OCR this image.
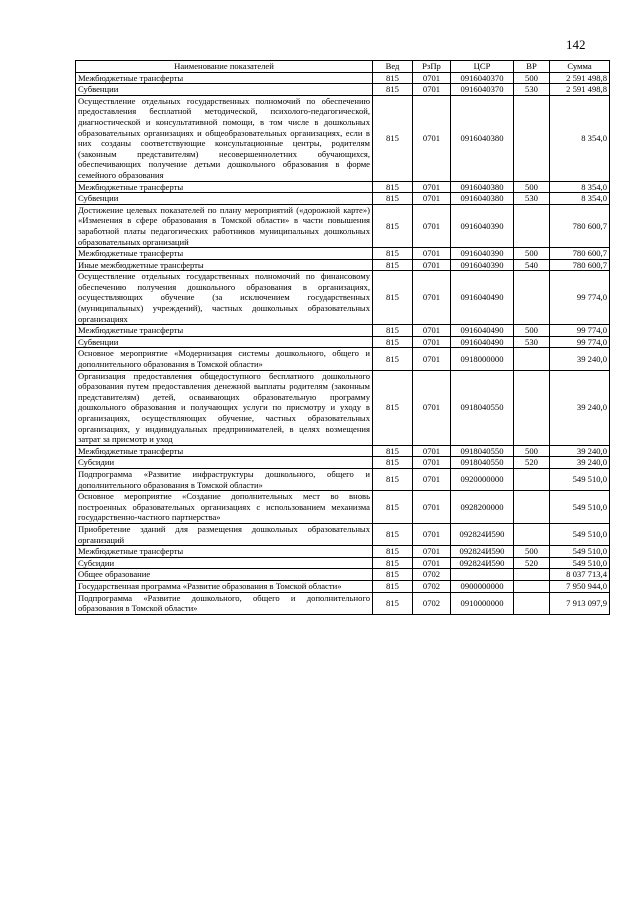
142
Наименование показателей	Вед	РзПр	ЦСР	ВР	Сумма
Межбюджетные трансферты	815	0701	0916040370	500	2 591 498,8
Субвенции	815	0701	0916040370	530	2 591 498,8
Осуществление отдельных государственных полномочий по обеспечению предоставления бесплатной методической, психолого-педагогической, диагностической и консультативной помощи, в том числе в дошкольных образовательных организациях и общеобразовательных организациях, если в них созданы соответствующие консультационные центры, родителям (законным представителям) несовершеннолетних обучающихся, обеспечивающих получение детьми дошкольного образования в форме семейного образования	815	0701	0916040380		8 354,0
Межбюджетные трансферты	815	0701	0916040380	500	8 354,0
Субвенции	815	0701	0916040380	530	8 354,0
Достижение целевых показателей по плану мероприятий («дорожной карте») «Изменения в сфере образования в Томской области» в части повышения заработной платы педагогических работников муниципальных дошкольных образовательных организаций	815	0701	0916040390		780 600,7
Межбюджетные трансферты	815	0701	0916040390	500	780 600,7
Иные межбюджетные трансферты	815	0701	0916040390	540	780 600,7
Осуществление отдельных государственных полномочий по финансовому обеспечению получения дошкольного образования в организациях, осуществляющих обучение (за исключением государственных (муниципальных) учреждений), частных дошкольных образовательных организациях	815	0701	0916040490		99 774,0
Межбюджетные трансферты	815	0701	0916040490	500	99 774,0
Субвенции	815	0701	0916040490	530	99 774,0
Основное мероприятие «Модернизация системы дошкольного, общего и дополнительного образования в Томской области»	815	0701	0918000000		39 240,0
Организация предоставления общедоступного бесплатного дошкольного образования путем предоставления денежной выплаты родителям (законным представителям) детей, осваивающих образовательную программу дошкольного образования и получающих услуги по присмотру и уходу в организациях, осуществляющих обучение, частных образовательных организациях, у индивидуальных предпринимателей, в целях возмещения затрат за присмотр и уход	815	0701	0918040550		39 240,0
Межбюджетные трансферты	815	0701	0918040550	500	39 240,0
Субсидии	815	0701	0918040550	520	39 240,0
Подпрограмма «Развитие инфраструктуры дошкольного, общего и дополнительного образования в Томской области»	815	0701	0920000000		549 510,0
Основное мероприятие «Создание дополнительных мест во вновь построенных образовательных организациях с использованием механизма государственно-частного партнерства»	815	0701	0928200000		549 510,0
Приобретение зданий для размещения дошкольных образовательных организаций	815	0701	092824И590		549 510,0
Межбюджетные трансферты	815	0701	092824И590	500	549 510,0
Субсидии	815	0701	092824И590	520	549 510,0
Общее образование	815	0702			8 037 713,4
Государственная программа «Развитие образования в Томской области»	815	0702	0900000000		7 950 944,0
Подпрограмма «Развитие дошкольного, общего и дополнительного образования в Томской области»	815	0702	0910000000		7 913 097,9
